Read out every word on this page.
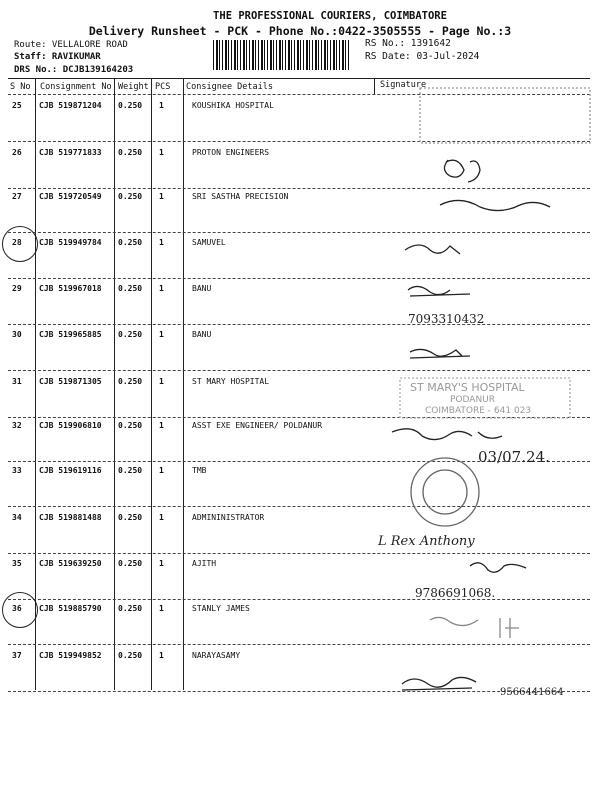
THE PROFESSIONAL COURIERS, COIMBATORE
Delivery Runsheet - PCK - Phone No.:0422-3505555 - Page No.:3
Route: VELLALORE ROAD
Staff: RAVIKUMAR
DRS No.: DCJB139164203
RS No.: 1391642
RS Date: 03-Jul-2024
S No Consignment No Weight PCS Consignee Details	Signature
25 CJB 519871204 0.250 1	KOUSHIKA HOSPITAL
26 CJB 519771833 0.250 1	PROTON ENGINEERS
27 CJB 519720549 0.250 1	SRI SASTHA PRECISION
28 CJB 519949784 0.250 1	SAMUVEL
29 CJB 519967018 0.250 1	BANU
30 CJB 519965885 0.250 1	BANU
31 CJB 519871305 0.250 1	ST MARY HOSPITAL
32 CJB 519906810 0.250 1	ASST EXE ENGINEER/ POLDANUR
33 CJB 519619116 0.250 1	TMB
34 CJB 519881488 0.250 1	ADMININISTRATOR
35 CJB 519639250 0.250 1	AJITH
36 CJB 519885790 0.250 1	STANLY JAMES
37 CJB 519949852 0.250 1	NARAYASAMY
7093310432
03/07.24.
L Rex Anthony
9786691068.
9566441664
ST MARY'S HOSPITAL
PODANUR
COIMBATORE - 641 023
